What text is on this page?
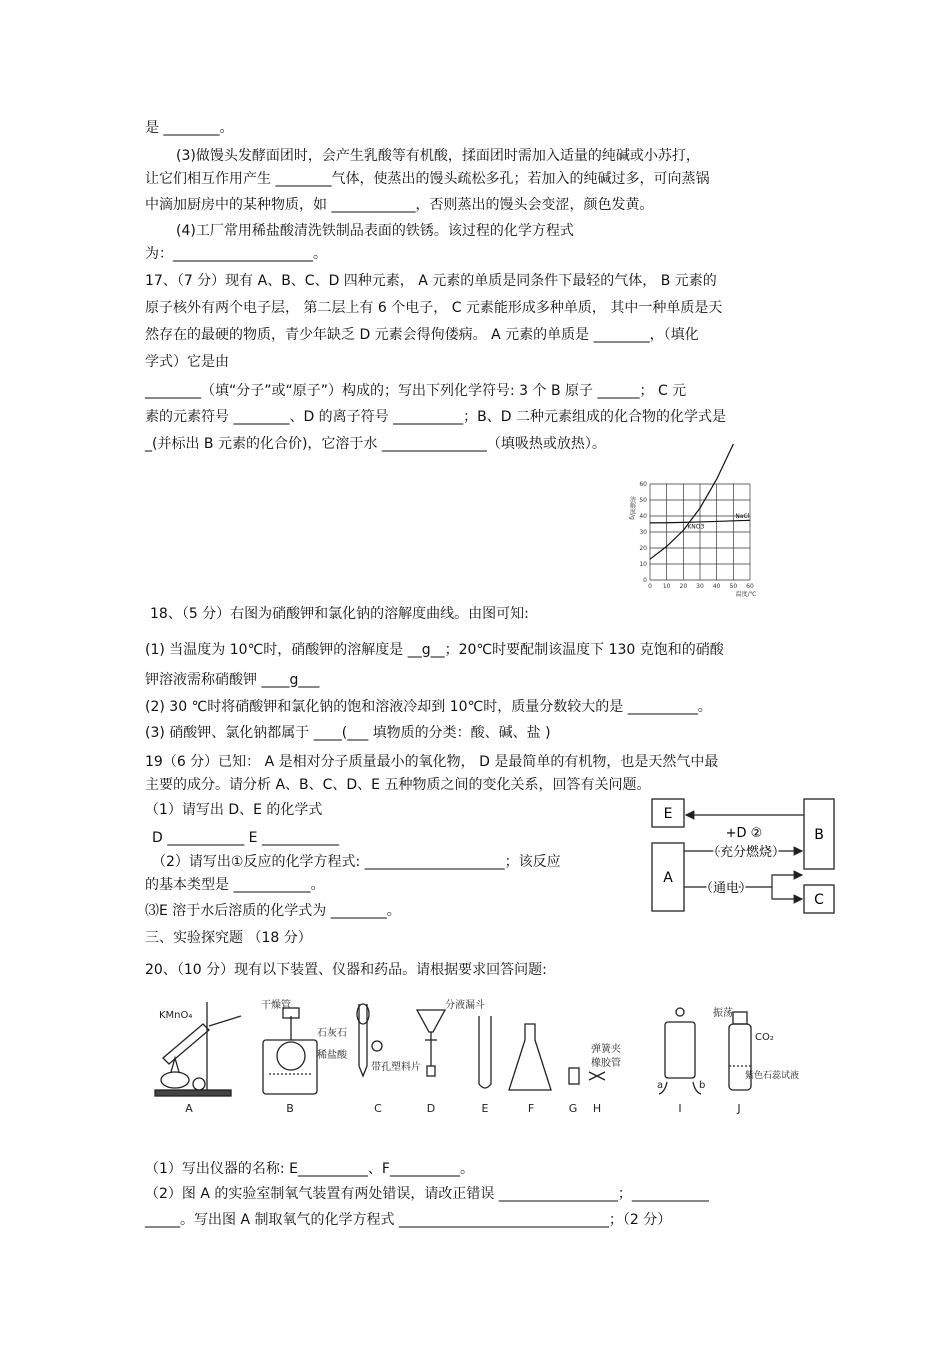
是 ________。
(3)做馒头发酵面团时，会产生乳酸等有机酸，揉面团时需加入适量的纯碱或小苏打，
让它们相互作用产生 ________气体，使蒸出的馒头疏松多孔；若加入的纯碱过多，可向蒸锅
中滴加厨房中的某种物质，如 ____________，否则蒸出的馒头会变涩，颜色发黄。
(4)工厂常用稀盐酸清洗铁制品表面的铁锈。该过程的化学方程式
为：____________________。
17、（7 分）现有 A、B、C、D 四种元素， A 元素的单质是同条件下最轻的气体， B 元素的
原子核外有两个电子层， 第二层上有 6 个电子， C 元素能形成多种单质， 其中一种单质是天
然存在的最硬的物质，青少年缺乏 D 元素会得佝偻病。 A 元素的单质是 ________，（填化
学式）它是由
________（填“分子”或“原子”）构成的；写出下列化学符号: 3 个 B 原子 ______； C 元
素的元素符号 ________、D 的离子符号 __________；B、D 二种元素组成的化合物的化学式是
_(并标出 B 元素的化合价)，它溶于水 _______________（填吸热或放热）。
0 10 20 30 40 50 60
0
10
20
30
40
50
60
温度/℃
溶解度/g
KNO3
NaCl
18、（5 分）右图为硝酸钾和氯化钠的溶解度曲线。由图可知:
(1) 当温度为 10℃时，硝酸钾的溶解度是 __g__；20℃时要配制该温度下 130 克饱和的硝酸
钾溶液需称硝酸钾 ____g___
(2) 30 ℃时将硝酸钾和氯化钠的饱和溶液冷却到 10℃时，质量分数较大的是 __________。
(3) 硝酸钾、氯化钠都属于 ____(___ 填物质的分类：酸、碱、盐 )
19（6 分）已知： A 是相对分子质量最小的氧化物， D 是最简单的有机物，也是天然气中最
主要的成分。请分析 A、B、C、D、E 五种物质之间的变化关系，回答有关问题。
（1）请写出 D、E 的化学式
D ___________ E ___________
（2）请写出①反应的化学方程式: ____________________；该反应
的基本类型是 ___________。
⑶E 溶于水后溶质的化学式为 ________。
三、实验探究题 （18 分）
20、（10 分）现有以下装置、仪器和药品。请根据要求回答问题:
E
A
B
C
+D ②
（充分燃烧）
（通电）
KMnO₄
干燥管
石灰石
稀盐酸
带孔塑料片
分液漏斗
弹簧夹
橡胶管
振荡
CO₂
紫色石蕊试液
a	b
A	B	C	D	E	F	G H	I	J
（1）写出仪器的名称: E__________、F__________。
（2）图 A 的实验室制氧气装置有两处错误，请改正错误 _________________；___________
_____。写出图 A 制取氧气的化学方程式 ______________________________；（2 分）
